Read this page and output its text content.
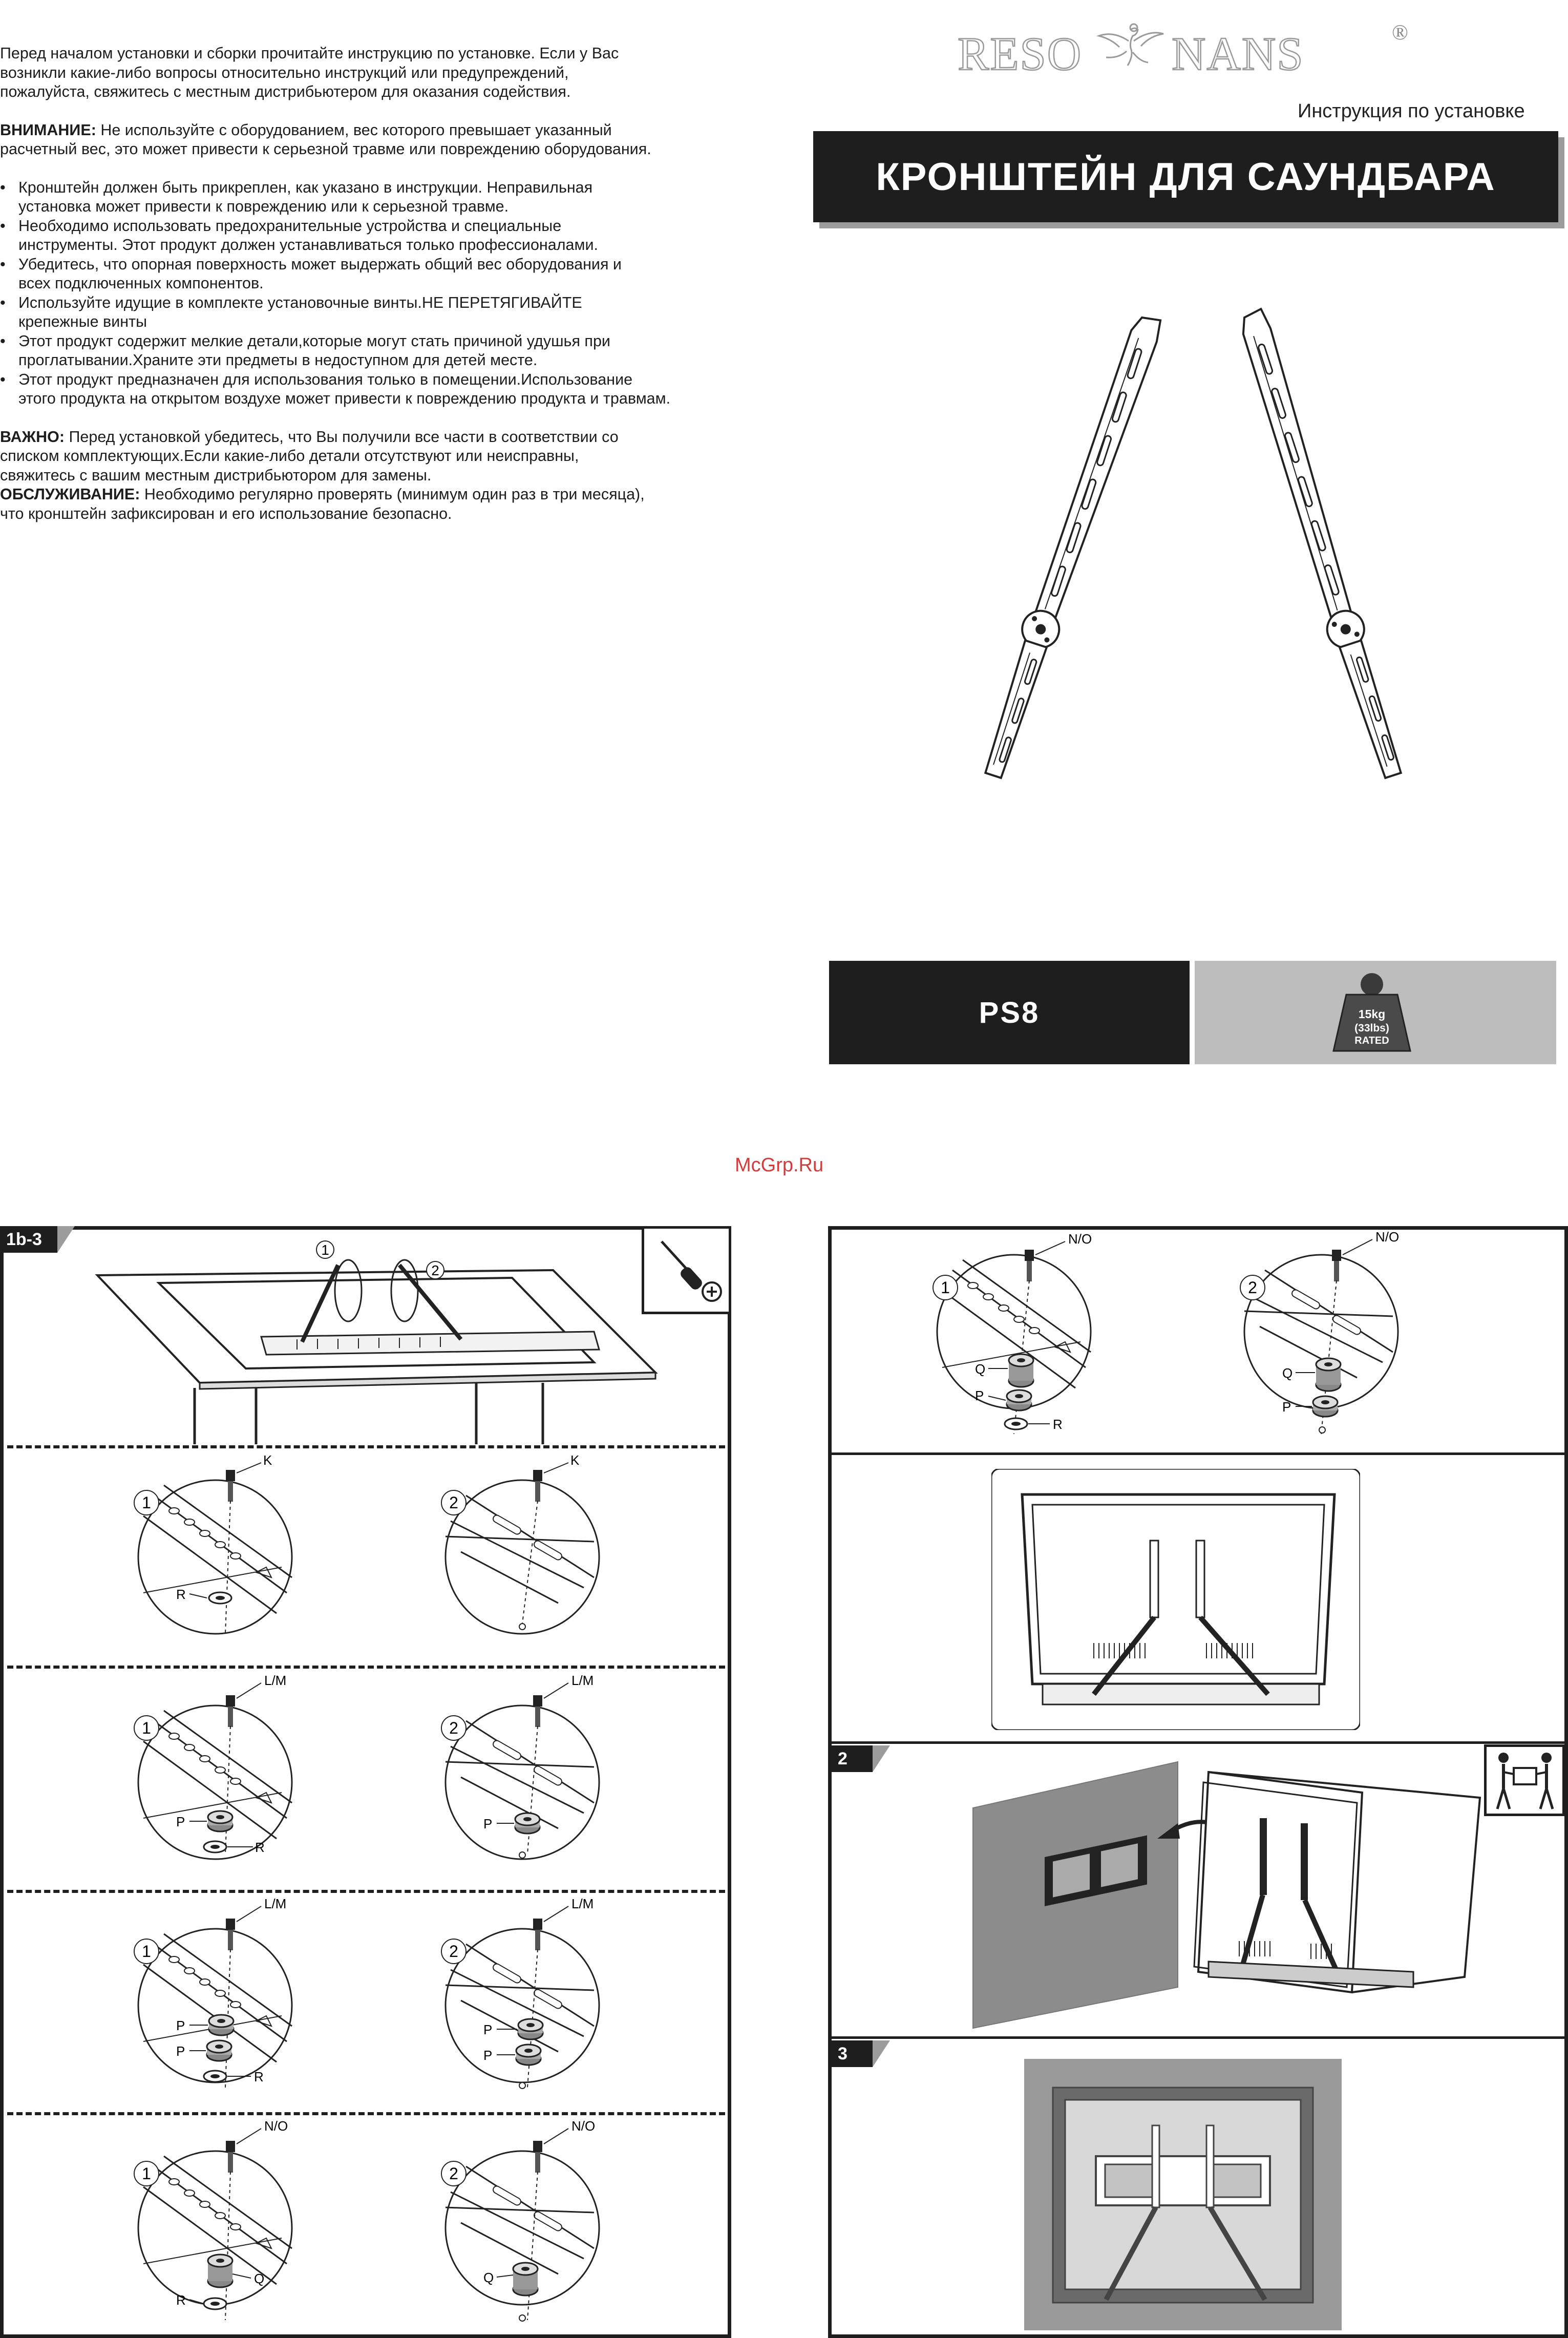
Перед началом установки и сборки прочитайте инструкцию по установке. Если у Вас
возникли какие-либо вопросы относительно инструкций или предупреждений,
пожалуйста, свяжитесь с местным дистрибьютером для оказания содействия.

ВНИМАНИЕ: Не используйте с оборудованием, вес которого превышает указанный
расчетный вес, это может привести к серьезной травме или повреждению оборудования.

• Кронштейн должен быть прикреплен, как указано в инструкции. Неправильная
установка может привести к повреждению или к серьезной травме.
• Необходимо использовать предохранительные устройства и специальные
инструменты. Этот продукт должен устанавливаться только профессионалами.
• Убедитесь, что опорная поверхность может выдержать общий вес оборудования и
всех подключенных компонентов.
• Используйте идущие в комплекте установочные винты.НЕ ПЕРЕТЯГИВАЙТЕ
крепежные винты
• Этот продукт содержит мелкие детали,которые могут стать причиной удушья при
проглатывании.Храните эти предметы в недоступном для детей месте.
• Этот продукт предназначен для использования только в помещении.Использование
этого продукта на открытом воздухе может привести к повреждению продукта и травмам.

ВАЖНО: Перед установкой убедитесь, что Вы получили все части в соответствии со
списком комплектующих.Если какие-либо детали отсутствуют или неисправны,
свяжитесь с вашим местным дистрибьютором для замены.
ОБСЛУЖИВАНИЕ: Необходимо регулярно проверять (минимум один раз в три месяца),
что кронштейн зафиксирован и его использование безопасно.

RESO NANS	®
Инструкция по установке
КРОНШТЕЙН ДЛЯ САУНДБАРА
PS8	15kg
(33lbs)
RATED
McGrp.Ru
1b-3
1
2
1
K
R
2
K
1
L/M
P
R
2
L/M
P
1
L/M
P
P
R
2
L/M
P
P
1
N/O
Q
R
2
N/O
Q
1
N/O
Q
P
R
2
N/O
Q
P
2
3
